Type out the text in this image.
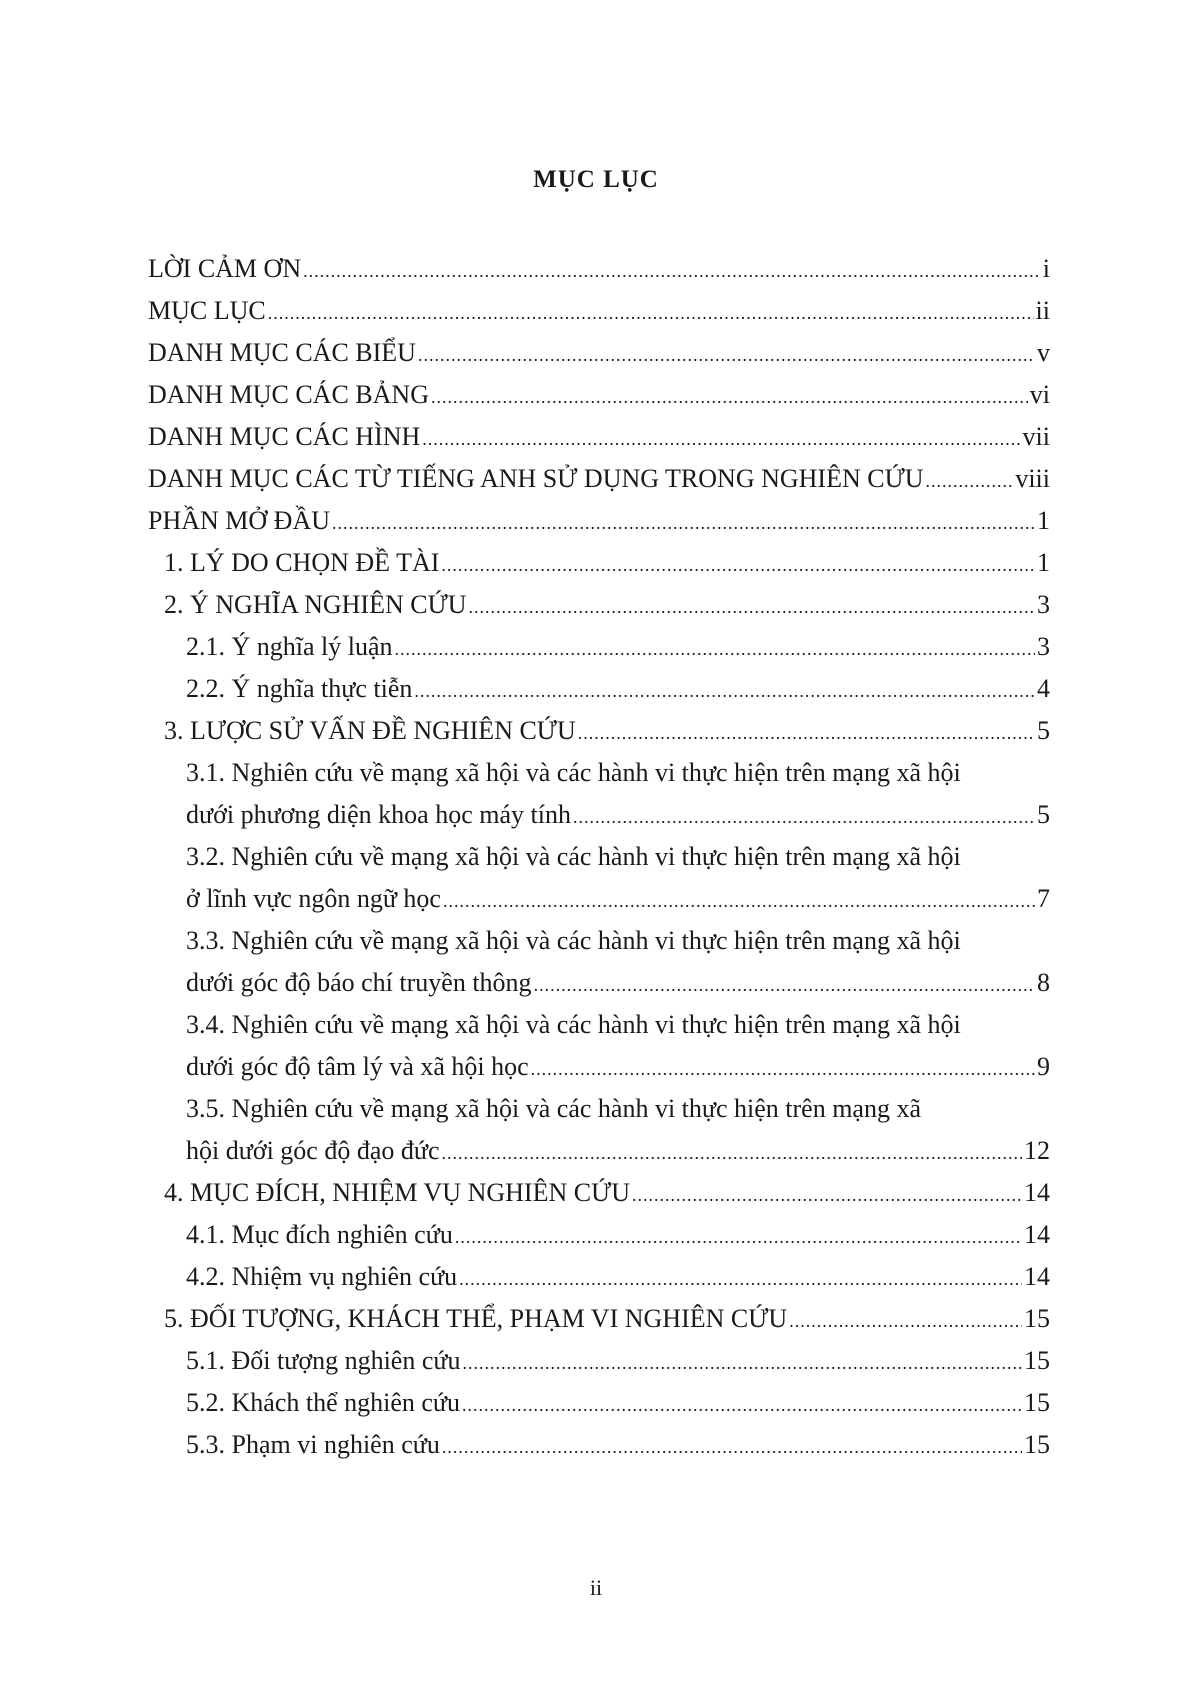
MỤC LỤC
LỜI CẢM ƠN .....	i
MỤC LỤC .....	ii
DANH MỤC CÁC BIỂU .....	v
DANH MỤC CÁC BẢNG .....	vi
DANH MỤC CÁC HÌNH .....	vii
DANH MỤC CÁC TỪ TIẾNG ANH SỬ DỤNG TRONG NGHIÊN CỨU .....	viii
PHẦN MỞ ĐẦU .....	1
1. LÝ DO CHỌN ĐỀ TÀI .....	1
2. Ý NGHĨA NGHIÊN CỨU .....	3
2.1. Ý nghĩa lý luận .....	3
2.2. Ý nghĩa thực tiễn .....	4
3. LƯỢC SỬ VẤN ĐỀ NGHIÊN CỨU .....	5
3.1. Nghiên cứu về mạng xã hội và các hành vi thực hiện trên mạng xã hội
dưới phương diện khoa học máy tính .....	5
3.2. Nghiên cứu về mạng xã hội và các hành vi thực hiện trên mạng xã hội
ở lĩnh vực ngôn ngữ học .....	7
3.3. Nghiên cứu về mạng xã hội và các hành vi thực hiện trên mạng xã hội
dưới góc độ báo chí truyền thông .....	8
3.4. Nghiên cứu về mạng xã hội và các hành vi thực hiện trên mạng xã hội
dưới góc độ tâm lý và xã hội học .....	9
3.5. Nghiên cứu về mạng xã hội và các hành vi thực hiện trên mạng xã
hội dưới góc độ đạo đức .....	12
4. MỤC ĐÍCH, NHIỆM VỤ NGHIÊN CỨU .....	14
4.1. Mục đích nghiên cứu .....	14
4.2. Nhiệm vụ nghiên cứu .....	14
5. ĐỐI TƯỢNG, KHÁCH THỂ, PHẠM VI NGHIÊN CỨU .....	15
5.1. Đối tượng nghiên cứu .....	15
5.2. Khách thể nghiên cứu .....	15
5.3. Phạm vi nghiên cứu .....	15
ii
